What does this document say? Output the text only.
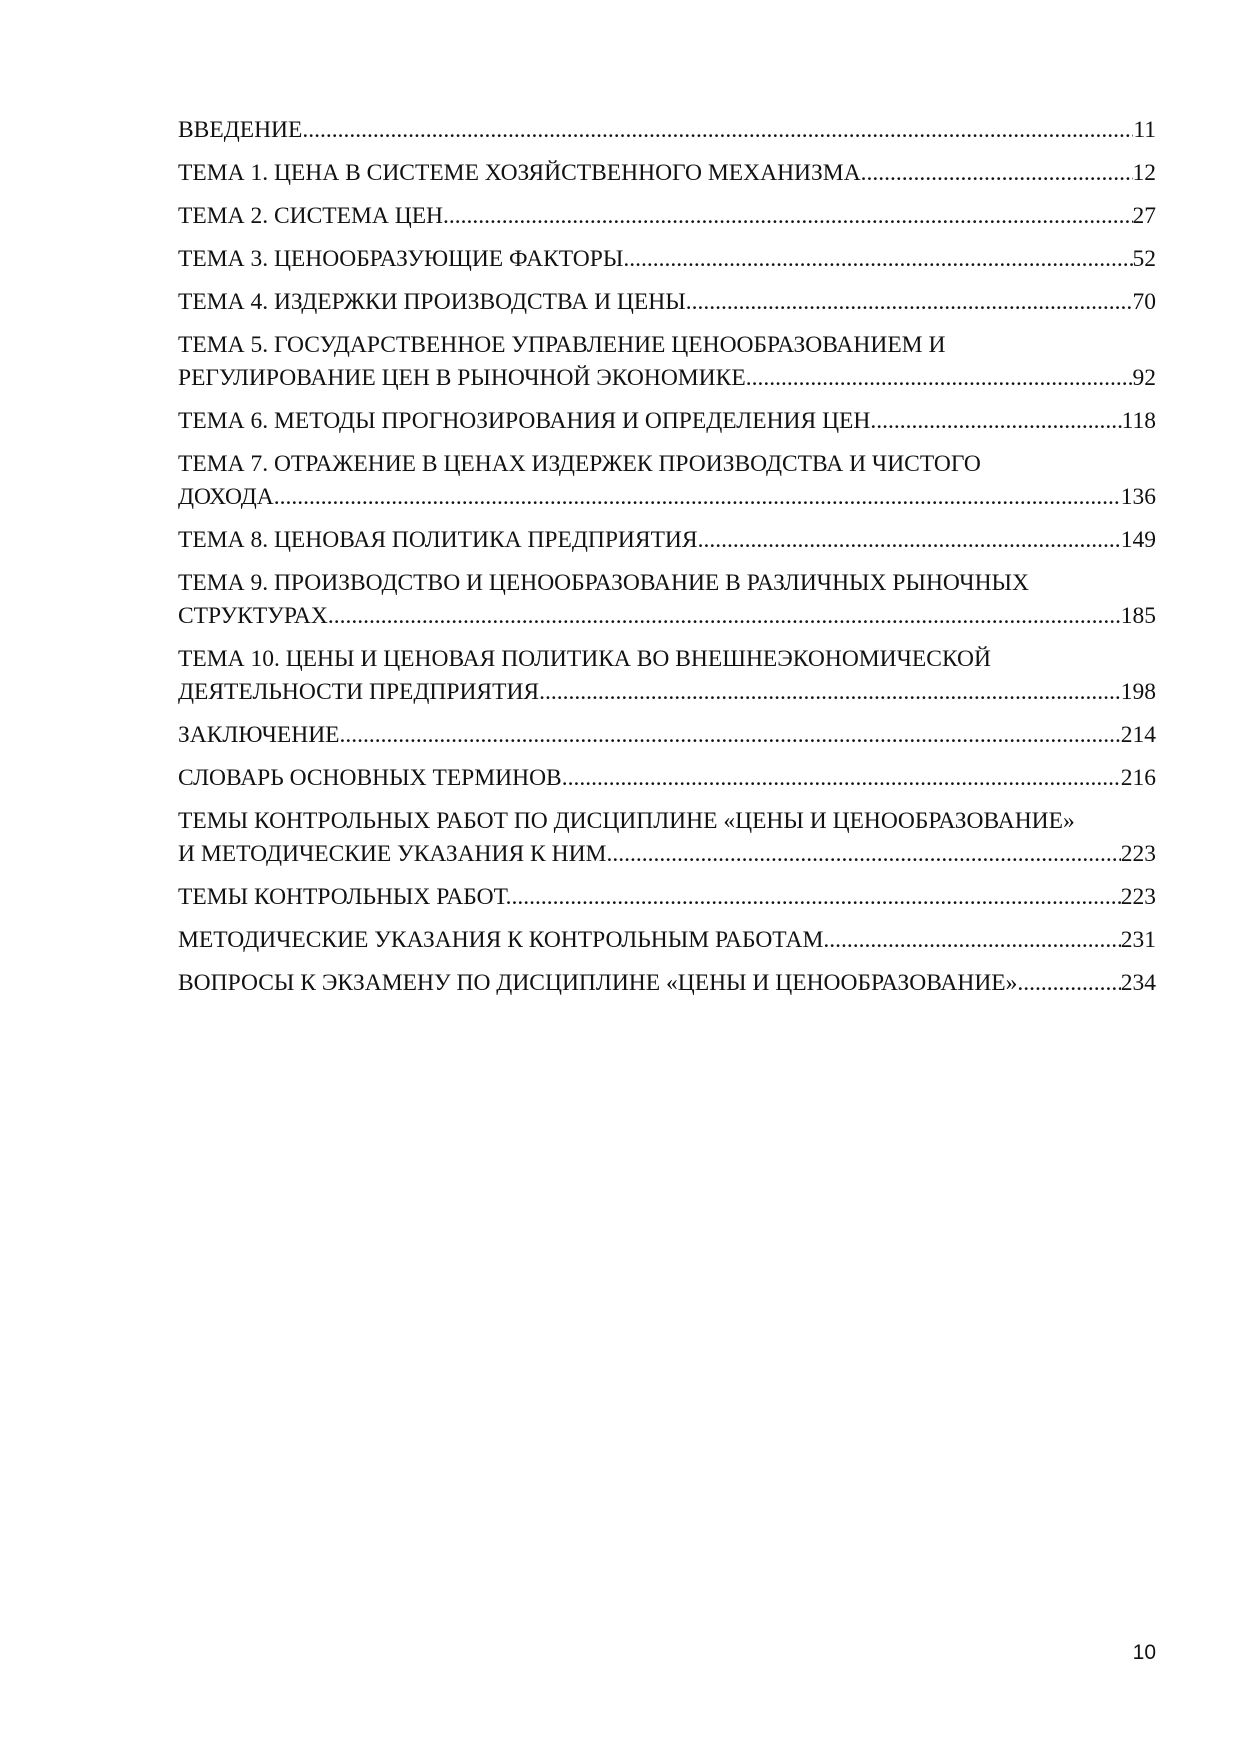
ВВЕДЕНИЕ .....	11
ТЕМА 1. ЦЕНА В СИСТЕМЕ ХОЗЯЙСТВЕННОГО МЕХАНИЗМА .....	12
ТЕМА 2. СИСТЕМА ЦЕН .....	27
ТЕМА 3. ЦЕНООБРАЗУЮЩИЕ ФАКТОРЫ .....	52
ТЕМА 4. ИЗДЕРЖКИ ПРОИЗВОДСТВА И ЦЕНЫ .....	70
ТЕМА 5. ГОСУДАРСТВЕННОЕ УПРАВЛЕНИЕ ЦЕНООБРАЗОВАНИЕМ И
РЕГУЛИРОВАНИЕ ЦЕН В РЫНОЧНОЙ ЭКОНОМИКЕ .....	92
ТЕМА 6. МЕТОДЫ ПРОГНОЗИРОВАНИЯ И ОПРЕДЕЛЕНИЯ ЦЕН .....	118
ТЕМА 7. ОТРАЖЕНИЕ В ЦЕНАХ ИЗДЕРЖЕК ПРОИЗВОДСТВА И ЧИСТОГО
ДОХОДА .....	136
ТЕМА 8. ЦЕНОВАЯ ПОЛИТИКА ПРЕДПРИЯТИЯ .....	149
ТЕМА 9. ПРОИЗВОДСТВО И ЦЕНООБРАЗОВАНИЕ В РАЗЛИЧНЫХ РЫНОЧНЫХ
СТРУКТУРАХ .....	185
ТЕМА 10. ЦЕНЫ И ЦЕНОВАЯ ПОЛИТИКА ВО ВНЕШНЕЭКОНОМИЧЕСКОЙ
ДЕЯТЕЛЬНОСТИ ПРЕДПРИЯТИЯ .....	198
ЗАКЛЮЧЕНИЕ .....	214
СЛОВАРЬ ОСНОВНЫХ ТЕРМИНОВ .....	216
ТЕМЫ КОНТРОЛЬНЫХ РАБОТ ПО ДИСЦИПЛИНЕ «ЦЕНЫ И ЦЕНООБРАЗОВАНИЕ»
И МЕТОДИЧЕСКИЕ УКАЗАНИЯ К НИМ .....	223
ТЕМЫ КОНТРОЛЬНЫХ РАБОТ. .....	223
МЕТОДИЧЕСКИЕ УКАЗАНИЯ К КОНТРОЛЬНЫМ РАБОТАМ. .....	231
ВОПРОСЫ К ЭКЗАМЕНУ ПО ДИСЦИПЛИНЕ «ЦЕНЫ И ЦЕНООБРАЗОВАНИЕ» .....	234
10
